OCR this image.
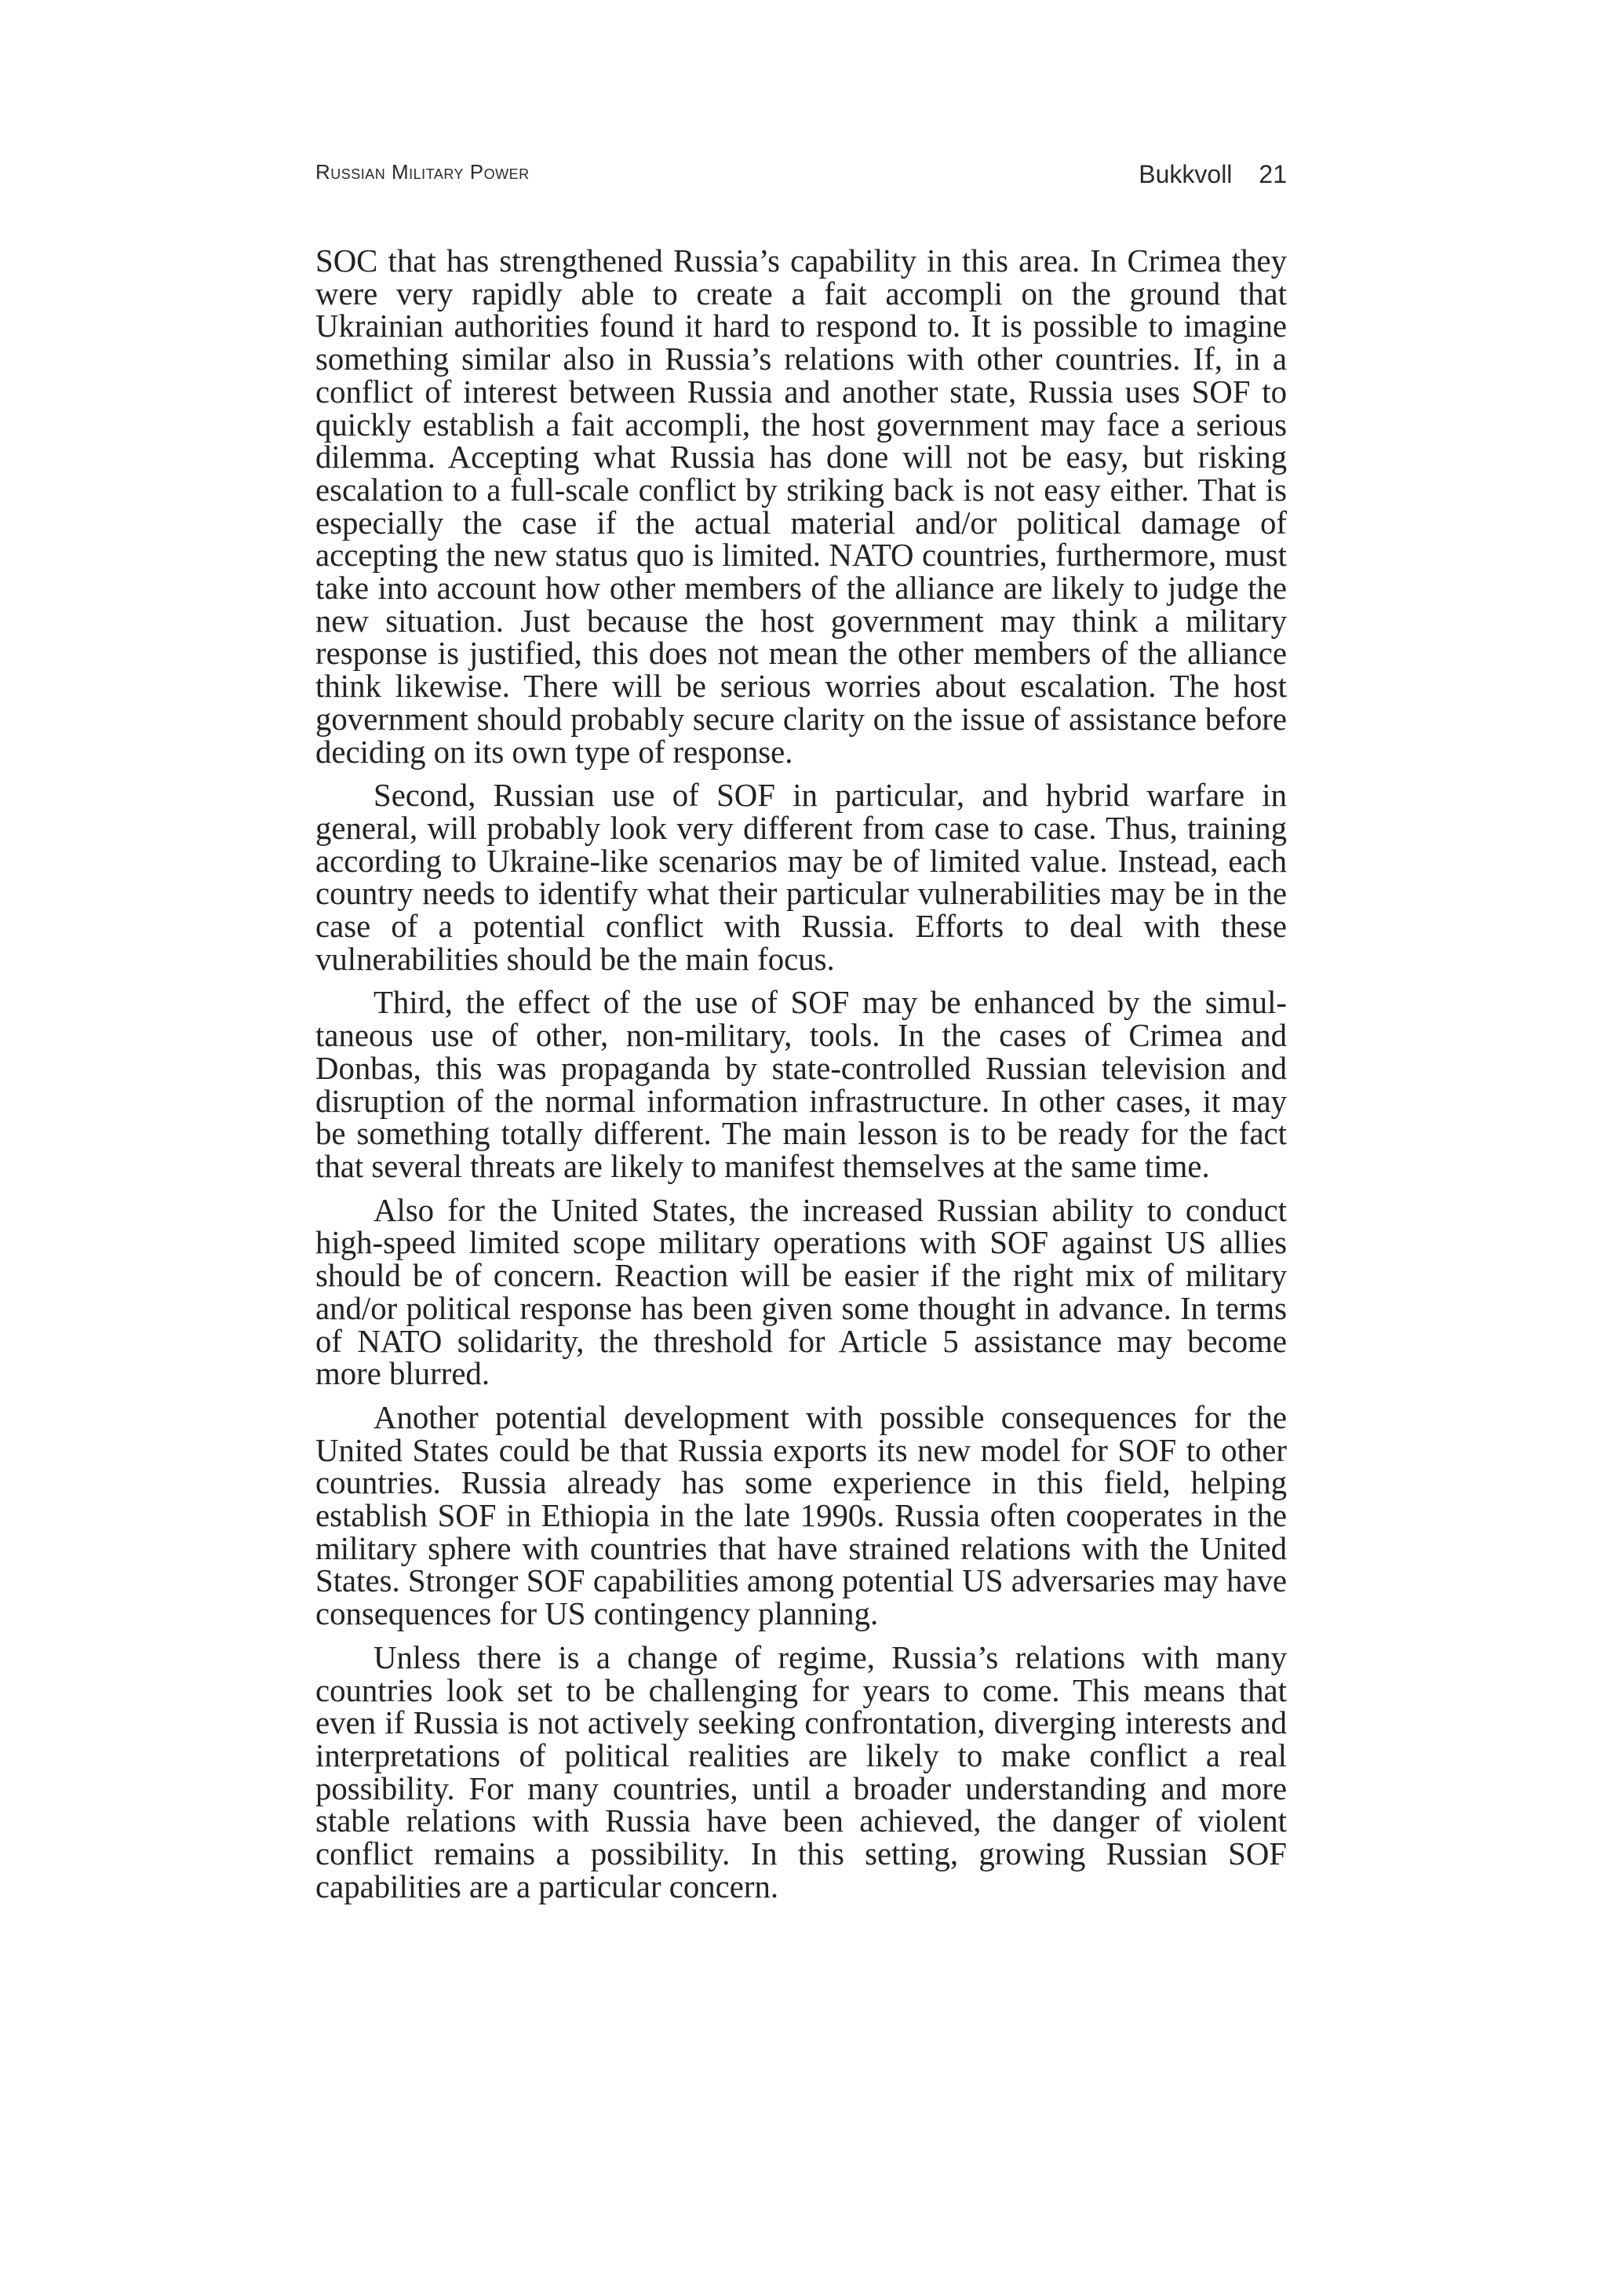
Russian Military Power	Bukkvoll 21

SOC that has strengthened Russia’s capability in this area. In Crimea they were very rapidly able to create a fait accompli on the ground that Ukrainian authorities found it hard to respond to. It is possible to imagine something similar also in Russia’s relations with other countries. If, in a conflict of interest between Russia and another state, Russia uses SOF to quickly establish a fait accompli, the host government may face a serious dilemma. Accepting what Russia has done will not be easy, but risking escalation to a full-scale conflict by striking back is not easy either. That is especially the case if the actual material and/or political damage of accepting the new status quo is limited. NATO countries, furthermore, must take into account how other members of the alliance are likely to judge the new situation. Just because the host government may think a military response is justified, this does not mean the other members of the alliance think likewise. There will be serious worries about escalation. The host government should probably secure clarity on the issue of assistance before deciding on its own type of response.

Second, Russian use of SOF in particular, and hybrid warfare in general, will probably look very different from case to case. Thus, training according to Ukraine-like scenarios may be of limited value. Instead, each country needs to identify what their particular vulnerabilities may be in the case of a potential conflict with Russia. Efforts to deal with these vulnerabilities should be the main focus.

Third, the effect of the use of SOF may be enhanced by the simultaneous use of other, non-military, tools. In the cases of Crimea and Donbas, this was propaganda by state-controlled Russian television and disruption of the normal information infrastructure. In other cases, it may be something totally different. The main lesson is to be ready for the fact that several threats are likely to manifest themselves at the same time.

Also for the United States, the increased Russian ability to conduct high-speed limited scope military operations with SOF against US allies should be of concern. Reaction will be easier if the right mix of military and/or political response has been given some thought in advance. In terms of NATO solidarity, the threshold for Article 5 assistance may become more blurred.

Another potential development with possible consequences for the United States could be that Russia exports its new model for SOF to other countries. Russia already has some experience in this field, helping establish SOF in Ethiopia in the late 1990s. Russia often cooperates in the military sphere with countries that have strained relations with the United States. Stronger SOF capabilities among potential US adversaries may have consequences for US contingency planning.

Unless there is a change of regime, Russia’s relations with many countries look set to be challenging for years to come. This means that even if Russia is not actively seeking confrontation, diverging interests and interpretations of political realities are likely to make conflict a real possibility. For many countries, until a broader understanding and more stable relations with Russia have been achieved, the danger of violent conflict remains a possibility. In this setting, growing Russian SOF capabilities are a particular concern.
